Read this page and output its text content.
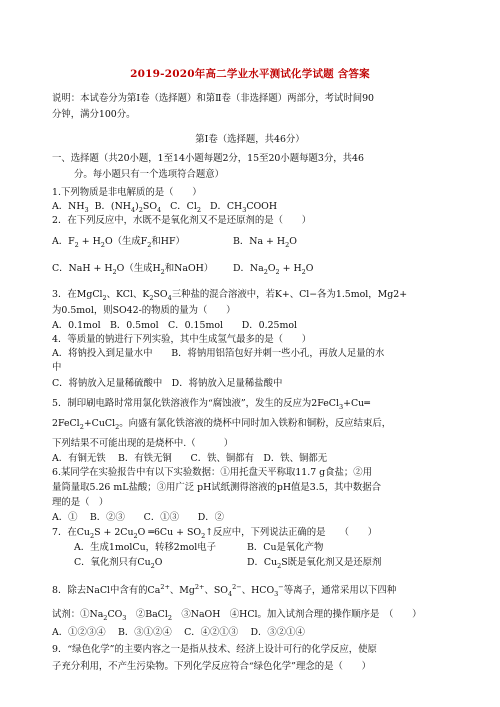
2019-2020年高二学业水平测试化学试题 含答案
说明：本试卷分为第Ⅰ卷（选择题）和第Ⅱ卷（非选择题）两部分，考试时间90
分钟，满分100分。
第Ⅰ卷（选择题，共46分）
一、选择题（共20小题，1至14小题每题2分，15至20小题每题3分，共46
分。每小题只有一个选项符合题意）
1.下列物质是非电解质的是（　　）
A．$NH_3$ B．$(NH_4)_2SO_4$ C．$Cl_2$ D．$CH_3COOH$
2．在下列反应中，水既不是氧化剂又不是还原剂的是（　　）
A．$F_2 + H_2O$（生成$F_2$和HF）	B．$Na + H_2O$
C．NaH + $H_2O$（生成$H_2$和NaOH） D．$Na_2O_2 + H_2O$
3．在MgCl$_2$、KCl、$K_2SO_4$三种盐的混合溶液中，若K+、Cl−各为1.5mol，Mg2+
为0.5mol，则SO42-的物质的量为（　　）
A．0.1mol　B．0.5mol　C．0.15mol　　D．0.25mol
4．等质量的钠进行下列实验，其中生成氢气最多的是（　　）
A．将钠投入到足量水中　　B．将钠用铝箔包好并刺一些小孔，再放人足量的水
中
C．将钠放入足量稀硫酸中　D．将钠放入足量稀盐酸中
5．制印刷电路时常用氯化铁溶液作为“腐蚀液”，发生的反应为2FeCl$_3$+Cu═
2FeCl$_2$+CuCl$_2$。向盛有氯化铁溶液的烧杯中同时加入铁粉和铜粉，反应结束后，
下列结果不可能出现的是烧杯中.（　　　）
A．有铜无铁　 B．有铁无铜　　C．铁、铜都有　D．铁、铜都无
6.某同学在实验报告中有以下实验数据：①用托盘天平称取11.7 g食盐；②用
量筒量取5.26 mL盐酸；③用广泛 pH试纸测得溶液的pH值是3.5，其中数据合
理的是（　）
A．①　 B．②③　　C．①③　　D．②
7．在$Cu_2S + 2Cu_2O$ ═6Cu + $SO_2↑$反应中，下列说法正确的是　　（　　）
A．生成1molCu，转移2mol电子	B．Cu是氧化产物
C．氧化剂只有$Cu_2O$	D．$Cu_2S$既是氧化剂又是还原剂
8．除去NaCl中含有的$Ca^{2+}$、$Mg^{2+}$、$SO_4^{2-}$、$HCO_3^-$等离子，通常采用以下四种
试剂：$①Na_2CO_3$　②BaCl$_2$　③NaOH　④HCl。加入试剂合理的操作顺序是　（　　）
A．①②③④　 B．③①②④　 C．④②①③　 D．③②①④
9．“绿色化学”的主要内容之一是指从技术、经济上设计可行的化学反应，使原
子充分利用，不产生污染物。下列化学反应符合“绿色化学”理念的是（　　）
